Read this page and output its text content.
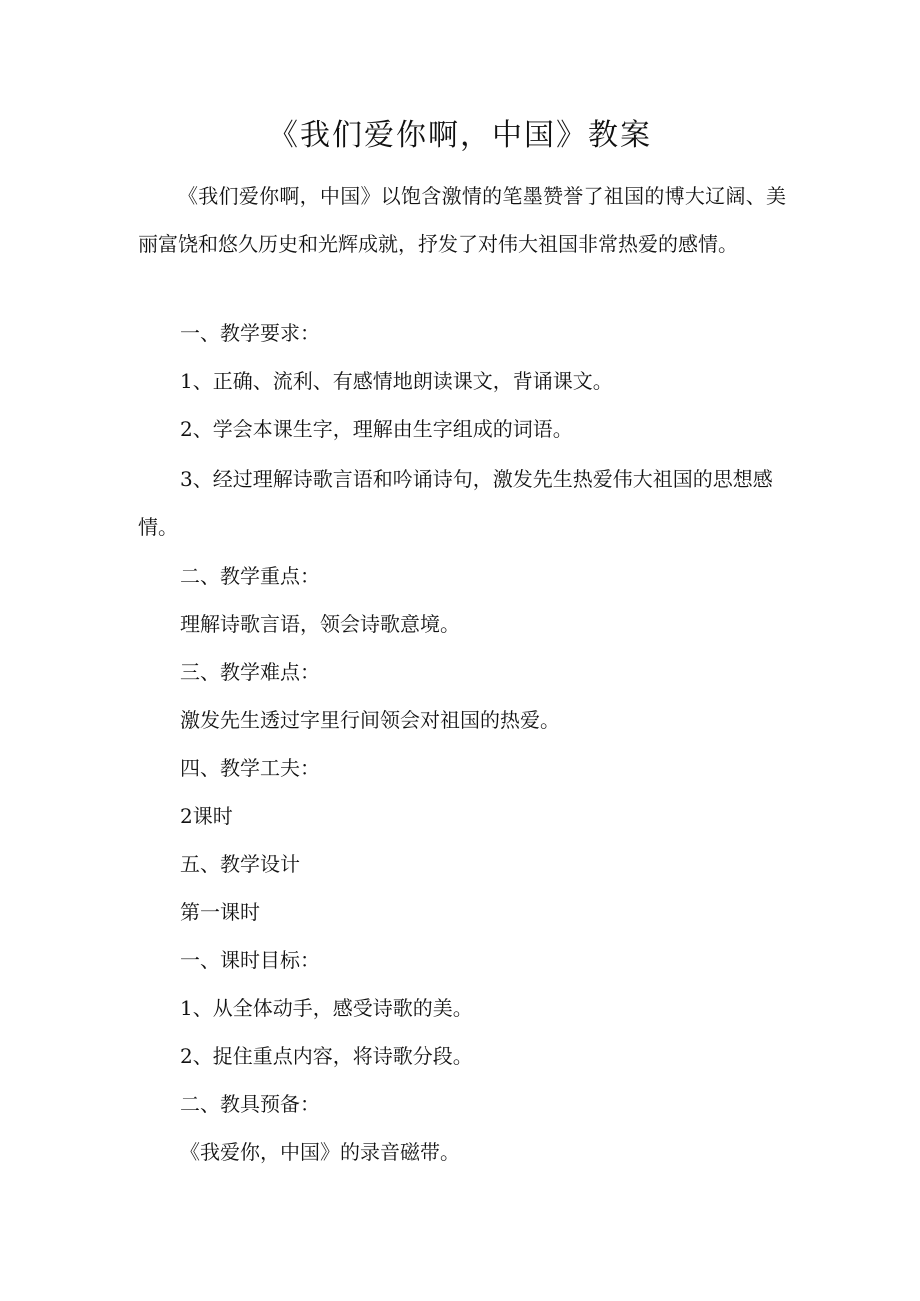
《我们爱你啊，中国》教案
《我们爱你啊，中国》以饱含激情的笔墨赞誉了祖国的博大辽阔、美丽富饶和悠久历史和光辉成就，抒发了对伟大祖国非常热爱的感情。
一、教学要求：
1、正确、流利、有感情地朗读课文，背诵课文。
2、学会本课生字，理解由生字组成的词语。
3、经过理解诗歌言语和吟诵诗句，激发先生热爱伟大祖国的思想感情。
二、教学重点：
理解诗歌言语，领会诗歌意境。
三、教学难点：
激发先生透过字里行间领会对祖国的热爱。
四、教学工夫：
2课时
五、教学设计
第一课时
一、课时目标：
1、从全体动手，感受诗歌的美。
2、捉住重点内容，将诗歌分段。
二、教具预备：
《我爱你，中国》的录音磁带。
